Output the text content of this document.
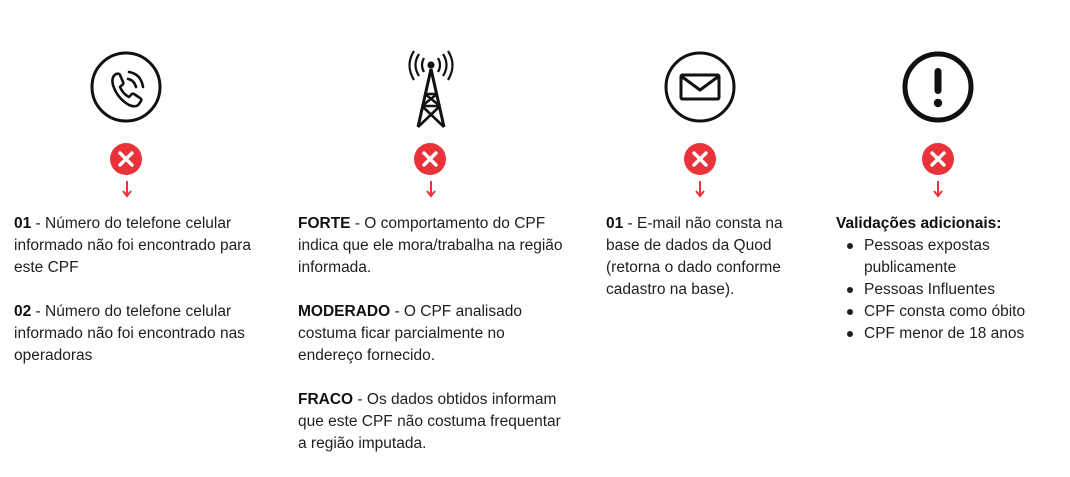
01 - Número do telefone celular informado não foi encontrado para este CPF

02 - Número do telefone celular informado não foi encontrado nas operadoras

FORTE - O comportamento do CPF indica que ele mora/trabalha na região informada.

MODERADO - O CPF analisado costuma ficar parcialmente no endereço fornecido.

FRACO - Os dados obtidos informam que este CPF não costuma frequentar a região imputada.

01 - E-mail não consta na base de dados da Quod (retorna o dado conforme cadastro na base).

Validações adicionais:
Pessoas expostas publicamente
Pessoas Influentes
CPF consta como óbito
CPF menor de 18 anos
